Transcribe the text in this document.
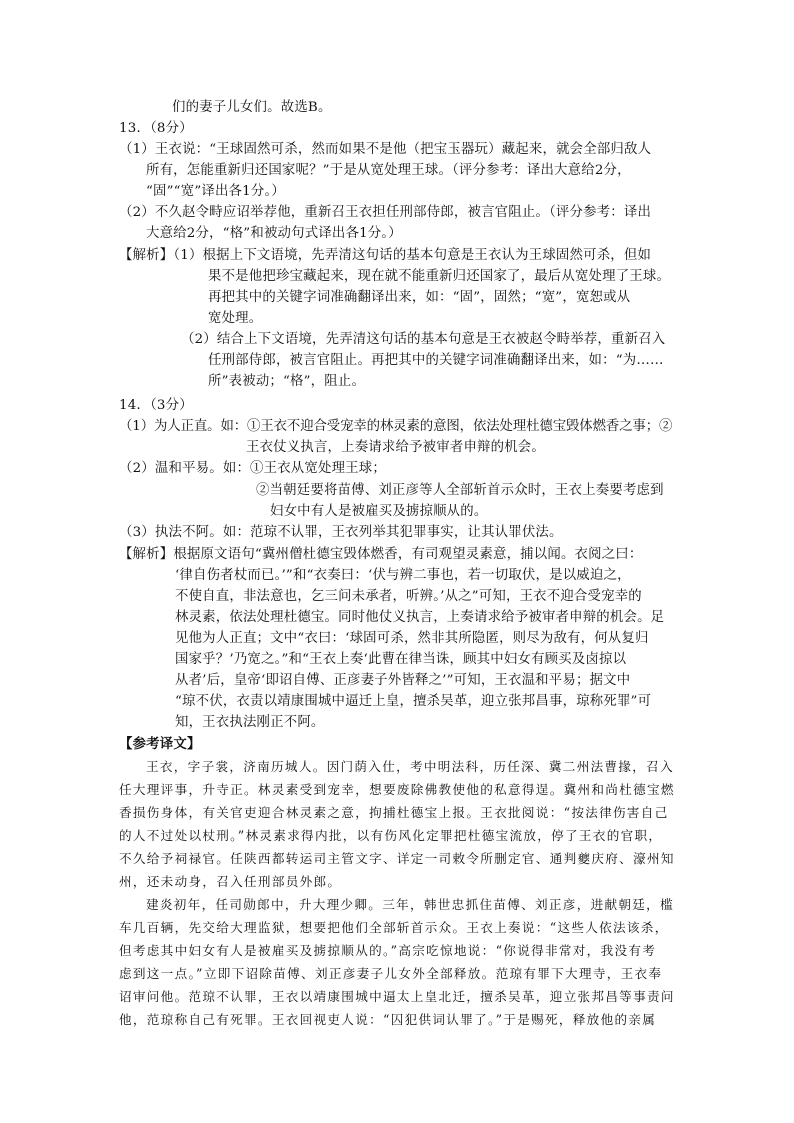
们的妻子儿女们。故选B。
13．（8分）
（1）王衣说：“王球固然可杀，然而如果不是他（把宝玉器玩）藏起来，就会全部归敌人
所有，怎能重新归还国家呢？”于是从宽处理王球。（评分参考：译出大意给2分，
“固”“宽”译出各1分。）
（2）不久赵令畤应诏举荐他，重新召王衣担任刑部侍郎，被言官阻止。（评分参考：译出
大意给2分，“格”和被动句式译出各1分。）
【解析】（1）根据上下文语境，先弄清这句话的基本句意是王衣认为王球固然可杀，但如
果不是他把珍宝藏起来，现在就不能重新归还国家了，最后从宽处理了王球。
再把其中的关键字词准确翻译出来，如：“固”，固然；“宽”，宽恕或从
宽处理。
（2）结合上下文语境，先弄清这句话的基本句意是王衣被赵令畤举荐，重新召入
任刑部侍郎，被言官阻止。再把其中的关键字词准确翻译出来，如：“为……
所”表被动；“格”，阻止。
14．（3分）
（1）为人正直。如：①王衣不迎合受宠幸的林灵素的意图，依法处理杜德宝毁体燃香之事；②
王衣仗义执言，上奏请求给予被审者申辩的机会。
（2）温和平易。如：①王衣从宽处理王球；
②当朝廷要将苗傅、刘正彦等人全部斩首示众时，王衣上奏要考虑到
妇女中有人是被雇买及掳掠顺从的。
（3）执法不阿。如：范琼不认罪，王衣列举其犯罪事实，让其认罪伏法。
【解析】根据原文语句“冀州僧杜德宝毁体燃香，有司观望灵素意，捕以闻。衣阅之曰：
‘律自伤者杖而已。’”和“衣奏曰：‘伏与辨二事也，若一切取伏，是以威迫之，
不使自直，非法意也，乞三问未承者，听辨。’从之”可知，王衣不迎合受宠幸的
林灵素，依法处理杜德宝。同时他仗义执言，上奏请求给予被审者申辩的机会。足
见他为人正直；文中“衣曰：‘球固可杀，然非其所隐匿，则尽为敌有，何从复归
国家乎？’乃宽之。”和“王衣上奏‘此曹在律当诛，顾其中妇女有顾买及卤掠以
从者’后，皇帝‘即诏自傅、正彦妻子外皆释之’”可知，王衣温和平易；据文中
“琼不伏，衣责以靖康围城中逼迁上皇，擅杀吴革，迎立张邦昌事，琼称死罪”可
知，王衣执法刚正不阿。
【参考译文】
王衣，字子裳，济南历城人。因门荫入仕，考中明法科，历任深、冀二州法曹掾，召入
任大理评事，升寺正。林灵素受到宠幸，想要废除佛教使他的私意得逞。冀州和尚杜德宝燃
香损伤身体，有关官吏迎合林灵素之意，拘捕杜德宝上报。王衣批阅说：“按法律伤害自己
的人不过处以杖刑。”林灵素求得内批，以有伤风化定罪把杜德宝流放，停了王衣的官职，
不久给予祠禄官。任陕西都转运司主管文字、详定一司敕令所删定官、通判夔庆府、濠州知
州，还未动身，召入任刑部员外郎。
建炎初年，任司勋郎中，升大理少卿。三年，韩世忠抓住苗傅、刘正彦，进献朝廷，槛
车几百辆，先交给大理监狱，想要把他们全部斩首示众。王衣上奏说：“这些人依法该杀，
但考虑其中妇女有人是被雇买及掳掠顺从的。”高宗吃惊地说：“你说得非常对，我没有考
虑到这一点。”立即下诏除苗傅、刘正彦妻子儿女外全部释放。范琼有罪下大理寺，王衣奉
诏审问他。范琼不认罪，王衣以靖康围城中逼太上皇北迁，擅杀吴革，迎立张邦昌等事责问
他，范琼称自己有死罪。王衣回视吏人说：“囚犯供词认罪了。”于是赐死，释放他的亲属
